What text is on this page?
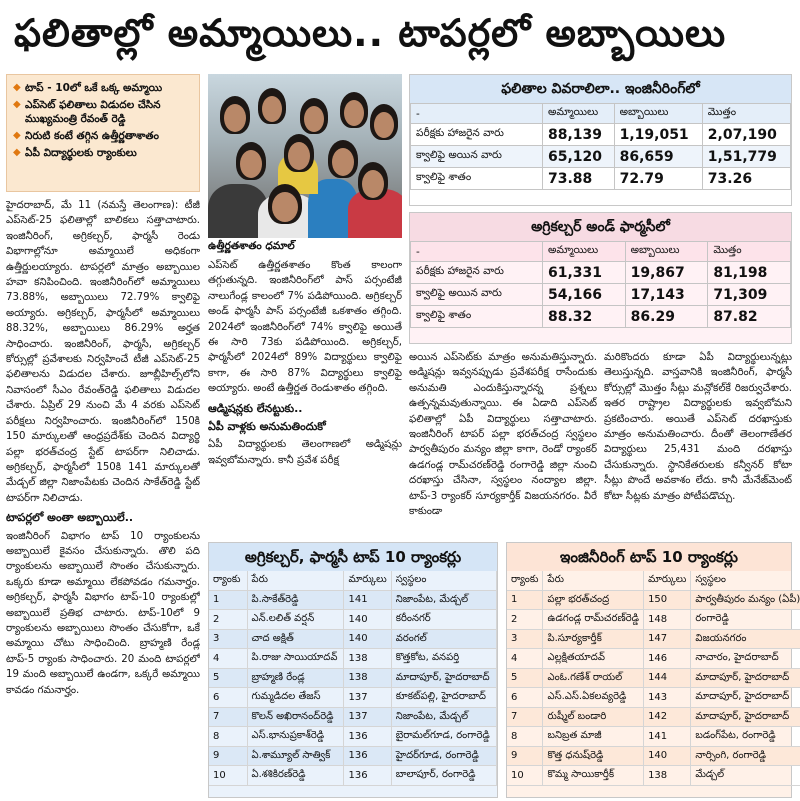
ఫలితాల్లో అమ్మాయిలు.. టాపర్లలో అబ్బాయిలు
◆ టాప్ - 10లో ఒకే ఒక్క అమ్మాయి
◆ ఎప్‌సెట్ ఫలితాలు విడుదల చేసిన ముఖ్యమంత్రి రేవంత్ రెడ్డి
◆ నిరుటి కంటే తగ్గిన ఉత్తీర్ణతాశాతం
◆ ఏపీ విద్యార్థులకు ర్యాంకులు

హైదరాబాద్, మే 11 (నమస్తే తెలంగాణ): టీజీ ఎప్‌సెట్-25 ఫలితాల్లో బాలికలు సత్తాచాటారు. ఇంజినీరింగ్, అగ్రికల్చర్, ఫార్మసీ రెండు విభాగాల్లోనూ అమ్మాయిలే అధికంగా ఉత్తీర్ణులయ్యారు. టాపర్లలో మాత్రం అబ్బాయిల హవా కనిపించింది. ఇంజినీరింగ్‌లో అమ్మాయిలు 73.88%, అబ్బాయిలు 72.79% క్వాలిఫై అయ్యారు. అగ్రికల్చర్, ఫార్మసీలో అమ్మాయిలు 88.32%, అబ్బాయిలు 86.29% అర్హత సాధించారు. ఇంజినీరింగ్, ఫార్మసీ, అగ్రికల్చర్ కోర్సుల్లో ప్రవేశాలకు నిర్వహించే టీజీ ఎప్‌సెట్-25 ఫలితాలను విడుదల చేశారు. జూబ్లీహిల్స్‌లోని నివాసంలో సీఎం రేవంత్‌రెడ్డి ఫలితాలు విడుదల చేశారు. ఏప్రిల్ 29 నుంచి మే 4 వరకు ఎప్‌సెట్ పరీక్షలు నిర్వహించారు. ఇంజినీరింగ్‌లో 150కి 150 మార్కులతో ఆంధ్రప్రదేశ్‌కు చెందిన విద్యార్థి పల్లా భరత్‌చంద్ర స్టేట్ టాపర్‌గా నిలిచాడు. అగ్రికల్చర్, ఫార్మసీలో 150కి 141 మార్కులతో మేడ్చల్ జిల్లా నిజాంపేటకు చెందిన సాకేత్‌రెడ్డి స్టేట్ టాపర్‌గా నిలిచాడు.

టాపర్లలో అంతా అబ్బాయిలే..

ఇంజినీరింగ్ విభాగం టాప్ 10 ర్యాంకులను అబ్బాయిలే కైవసం చేసుకున్నారు. తొలి పది ర్యాంకులను అబ్బాయిలే సొంతం చేసుకున్నారు. ఒక్కరు కూడా అమ్మాయి లేకపోవడం గమనార్హం. అగ్రికల్చర్, ఫార్మసీ విభాగం టాప్-10 ర్యాంకుల్లో అబ్బాయిలే ప్రతిభ చాటారు. టాప్-10లో 9 ర్యాంకులను అబ్బాయిలు సొంతం చేసుకోగా, ఒకే అమ్మాయి చోటు సాధించింది. బ్రాహ్మణి రేండ్ల టాప్-5 ర్యాంకు సాధించారు. 20 మంది టాపర్లలో 19 మంది అబ్బాయిలే ఉండగా, ఒక్కరే అమ్మాయి కావడం గమనార్హం.

ఉత్తీర్ణతశాతం ధమాల్

ఎప్‌సెట్ ఉత్తీర్ణతశాతం కొంత కాలంగా తగ్గుతున్నది. ఇంజినీరింగ్‌లో పాస్ పర్సంటేజీ నాలుగేండ్ల కాలంలో 7% పడిపోయింది. అగ్రికల్చర్ అండ్ ఫార్మసీ పాస్ పర్సంటేజీ ఒకశాతం తగ్గింది. 2024లో ఇంజినీరింగ్‌లో 74% క్వాలిఫై అయితే ఈ సారి 73కు పడిపోయింది. అగ్రికల్చర్, ఫార్మసీలో 2024లో 89% విద్యార్థులు క్వాలిఫై కాగా, ఈ సారి 87% విద్యార్థులు క్వాలిఫై అయ్యారు. అంటే ఉత్తీర్ణత రెండుశాతం తగ్గింది.

ఆడ్మిషన్లకు లేనట్టుకు..

ఏపీ వాళ్లకు అనుమతిందుకో

ఏపీ విద్యార్థులకు తెలంగాణలో అడ్మిషన్లు ఇవ్వబోమన్నారు. కానీ ప్రవేశ పరీక్ష

ఫలితాల వివరాలిలా.. ఇంజినీరింగ్‌లో
-	అమ్మాయిలు	అబ్బాయిలు	మొత్తం
పరీక్షకు హాజరైన వారు	88,139	1,19,051	2,07,190
క్వాలిఫై అయిన వారు	65,120	86,659	1,51,779
క్వాలిఫై శాతం	73.88	72.79	73.26
అగ్రికల్చర్ అండ్ ఫార్మసీలో
-	అమ్మాయిలు	అబ్బాయిలు	మొత్తం
పరీక్షకు హాజరైన వారు	61,331	19,867	81,198
క్వాలిఫై అయిన వారు	54,166	17,143	71,309
క్వాలిఫై శాతం	88.32	86.29	87.82

అయిన ఎప్‌సెట్‌కు మాత్రం అనుమతిస్తున్నారు. అడ్మిషన్లు ఇవ్వనప్పుడు ప్రవేశపరీక్ష రాసేందుకు అనుమతి ఎందుకిస్తున్నారన్న ప్రశ్నలు ఉత్పన్నమవుతున్నాయి. ఈ ఏడాది ఎప్‌సెట్ ఫలితాల్లో ఏపీ విద్యార్థులు సత్తాచాటారు. ఇంజినీరింగ్ టాపర్ పల్లా భరత్‌చంద్ర స్వస్థలం పార్వతీపురం మన్యం జిల్లా కాగా, రెండో ర్యాంకర్ ఉడగండ్ల రామ్‌చరణ్‌రెడ్డి రంగారెడ్డి జిల్లా నుంచి దరఖాస్తు చేసినా, స్వస్థలం నంద్యాల జిల్లా. టాప్-3 ర్యాంకర్ సూర్యకార్తీక్ విజయనగరం. వీరే కాకుండా

మరికొందరు కూడా ఏపీ విద్యార్థులున్నట్లు తెలుస్తున్నది. వాస్తవానికి ఇంజినీరింగ్, ఫార్మసీ కోర్సుల్లో మొత్తం సీట్లు మన్లోకల్‌కే రిజర్వుచేశారు. ఇతర రాష్ట్రాల విద్యార్థులకు ఇవ్వబోమని ప్రకటించారు. అయితే ఎప్‌సెట్ దరఖాస్తుకు మాత్రం అనుమతించారు. దీంతో తెలంగాణేతర విద్యార్థులు 25,431 మంది దరఖాస్తు చేసుకున్నారు. స్థానికేతరులకు కన్వీనర్ కోటా సీట్లు పొందే అవకాశం లేదు. కానీ మేనేజ్‌మెంట్ కోటా సీట్లకు మాత్రం పోటీపడొచ్చు.

అగ్రికల్చర్, ఫార్మసీ టాప్ 10 ర్యాంకర్లు
ర్యాంకు	పేరు	మార్కులు	స్వస్థలం
1	పి.సాకేత్‌రెడ్డి	141	నిజాంపేట, మేడ్చల్
2	ఎన్.లలిత్ వర్షన్	140	కరీంనగర్
3	చాద అక్షిత్	140	వరంగల్
4	పి.రాజు సాయియాదవ్	138	కొత్తకోట, వనపర్తి
5	బ్రాహ్మణి రేండ్ల	138	మాదాపూర్, హైదరాబాద్
6	గుమ్మడిదల తేజస్	137	కూకట్‌పల్లి, హైదరాబాద్
7	కొలన్ అఖిరానంద్‌రెడ్డి	137	నిజాంపేట, మేడ్చల్
8	ఎస్.భానుప్రకాశ్‌రెడ్డి	136	బైరామల్‌గూడ, రంగారెడ్డి
9	ఏ.శామ్యూల్ సాత్విక్	136	హైదర్‌గూడ, రంగారెడ్డి
10	ఏ.శశికిరణ్‌రెడ్డి	136	బాలాపూర్, రంగారెడ్డి
ఇంజినీరింగ్ టాప్ 10 ర్యాంకర్లు
ర్యాంకు	పేరు	మార్కులు	స్వస్థలం
1	పల్లా భరత్‌చంద్ర	150	పార్వతీపురం మన్యం (ఏపీ)
2	ఉడగండ్ల రామ్‌చరణ్‌రెడ్డి	148	రంగారెడ్డి
3	పి.సూర్యకార్తీక్	147	విజయనగరం
4	ఎల్లక్షితయాదవ్	146	నాచారం, హైదరాబాద్
5	ఎంఓ.గణేశ్ రాయల్	144	మాదాపూర్, హైదరాబాద్
6	ఎస్.ఎస్.ఏకలవ్యరెడ్డి	143	మాదాపూర్, హైదరాబాద్
7	రుష్మీల్ బండారి	142	మాదాపూర్, హైదరాబాద్
8	బనిబ్రత మాజీ	141	బడంగ్‌పేట, రంగారెడ్డి
9	కొత్త ధనుష్‌రెడ్డి	140	నార్సింగి, రంగారెడ్డి
10	కొమ్మ సాయికార్తీక్	138	మేడ్చల్
